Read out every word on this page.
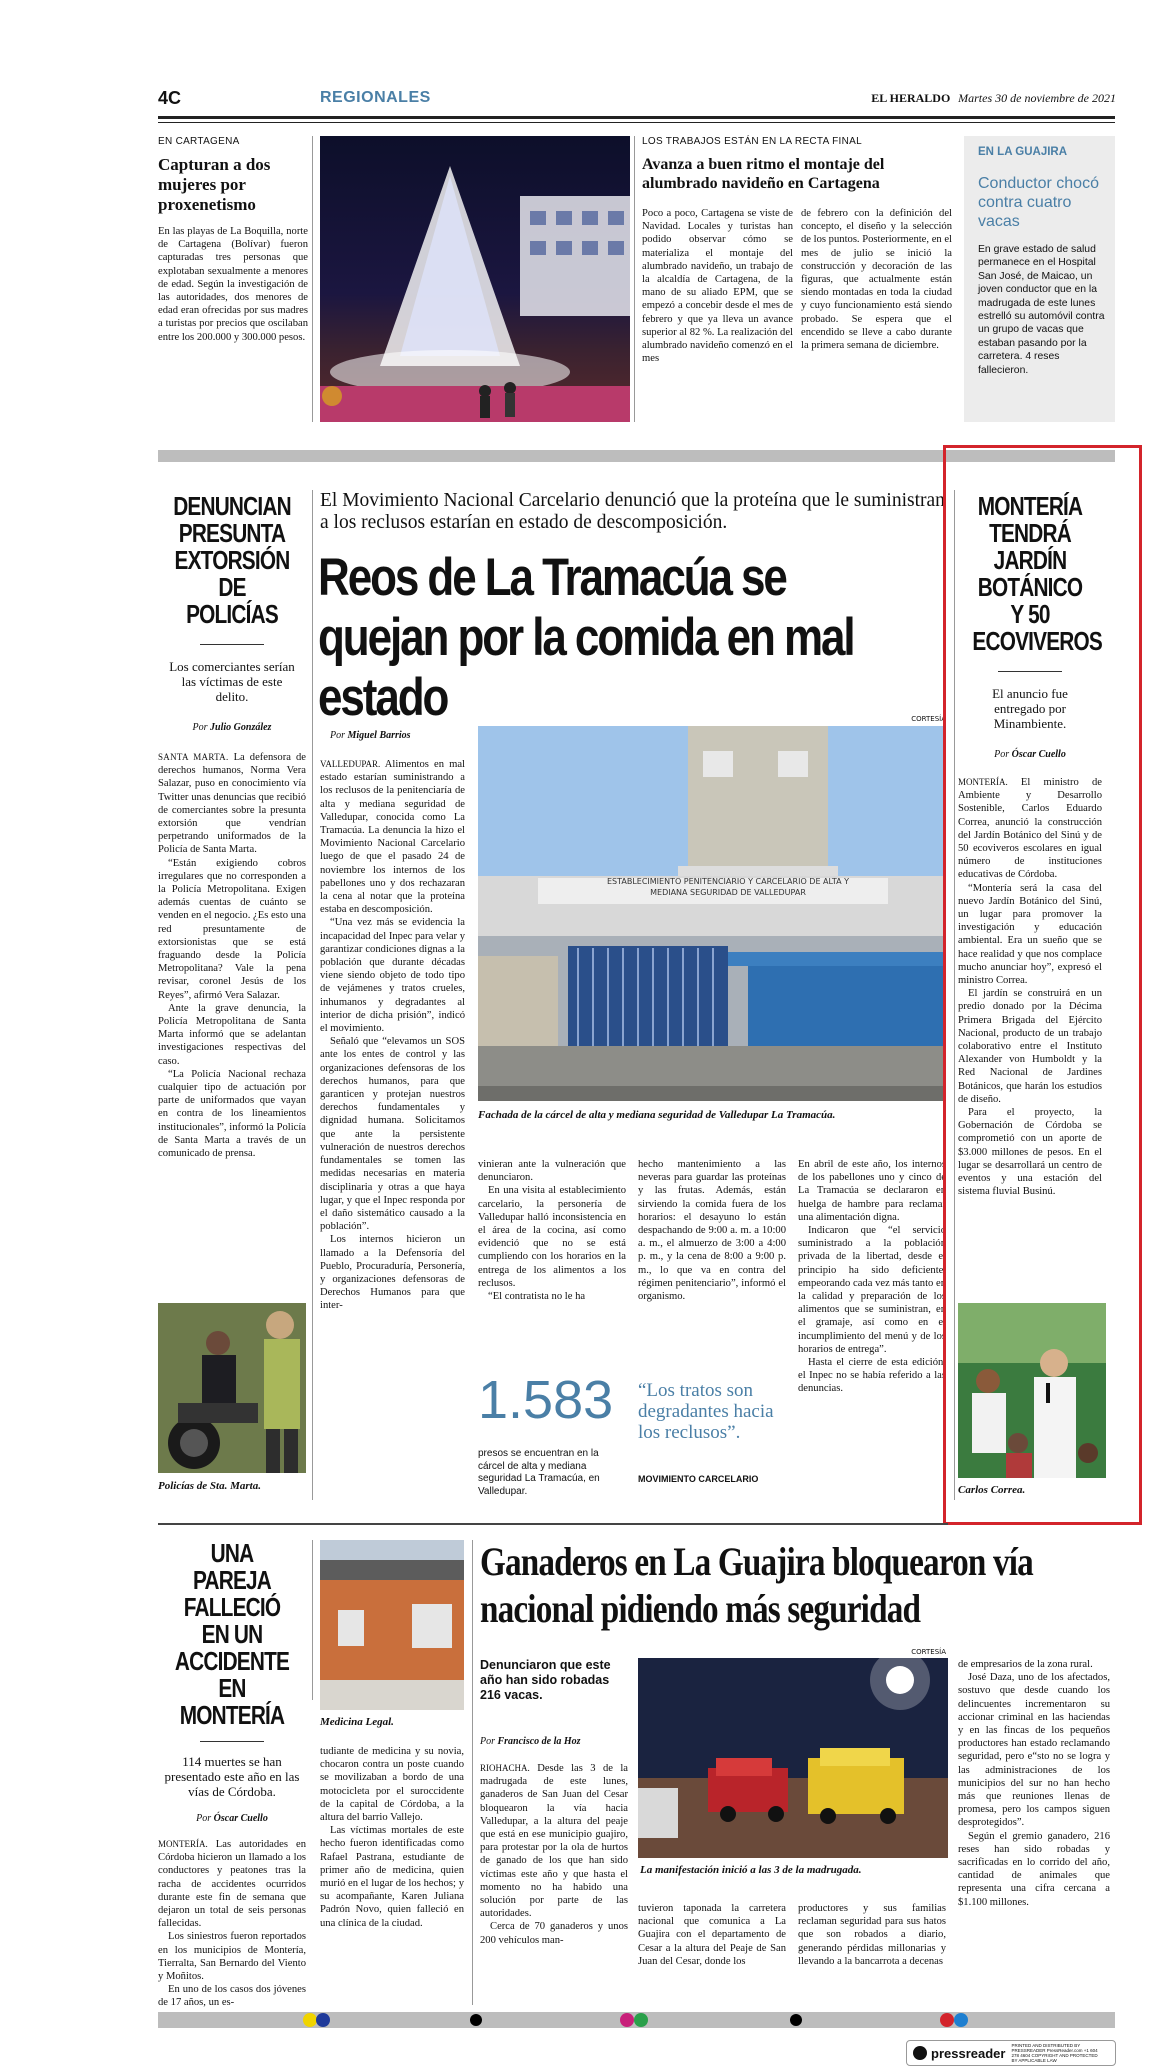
4C	REGIONALES	EL HERALDO Martes 30 de noviembre de 2021
EN CARTAGENA
Capturan a dos mujeres por proxenetismo
En las playas de La Boquilla, norte de Cartagena (Bolívar) fueron capturadas tres personas que explotaban sexualmente a menores de edad. Según la investigación de las autoridades, dos menores de edad eran ofrecidas por sus madres a turistas por precios que oscilaban entre los 200.000 y 300.000 pesos.
LOS TRABAJOS ESTÁN EN LA RECTA FINAL
Avanza a buen ritmo el montaje del alumbrado navideño en Cartagena
Poco a poco, Cartagena se viste de Navidad. Locales y turistas han podido observar cómo se materializa el montaje del alumbrado navideño, un trabajo de la alcaldía de Cartagena, de la mano de su aliado EPM, que se empezó a concebir desde el mes de febrero y que ya lleva un avance superior al 82 %. La realización del alumbrado navideño comenzó en el mes
de febrero con la definición del concepto, el diseño y la selección de los puntos. Posteriormente, en el mes de julio se inició la construcción y decoración de las figuras, que actualmente están siendo montadas en toda la ciudad y cuyo funcionamiento está siendo probado. Se espera que el encendido se lleve a cabo durante la primera semana de diciembre.
EN LA GUAJIRA
Conductor chocó contra cuatro vacas
En grave estado de salud permanece en el Hospital San José, de Maicao, un joven conductor que en la madrugada de este lunes estrelló su automóvil contra un grupo de vacas que estaban pasando por la carretera. 4 reses fallecieron.
DENUNCIAN PRESUNTA EXTORSIÓN DE POLICÍAS
Los comerciantes serían las víctimas de este delito.
Por Julio González

SANTA MARTA. La defensora de derechos humanos, Norma Vera Salazar, puso en conocimiento vía Twitter unas denuncias que recibió de comerciantes sobre la presunta extorsión que vendrían perpetrando uniformados de la Policía de Santa Marta.

“Están exigiendo cobros irregulares que no corresponden a la Policía Metropolitana. Exigen además cuentas de cuánto se venden en el negocio. ¿Es esto una red presuntamente de extorsionistas que se está fraguando desde la Policía Metropolitana? Vale la pena revisar, coronel Jesús de los Reyes”, afirmó Vera Salazar.

Ante la grave denuncia, la Policía Metropolitana de Santa Marta informó que se adelantan investigaciones respectivas del caso.

“La Policía Nacional rechaza cualquier tipo de actuación por parte de uniformados que vayan en contra de los lineamientos institucionales”, informó la Policía de Santa Marta a través de un comunicado de prensa.

Policías de Sta. Marta.
El Movimiento Nacional Carcelario denunció que la proteína que le suministran a los reclusos estarían en estado de descomposición.
Reos de La Tramacúa se quejan por la comida en mal estado
Por Miguel Barrios
CORTESÍA
ESTABLECIMIENTO PENITENCIARIO Y CARCELARIO DE ALTA Y MEDIANA SEGURIDAD DE VALLEDUPAR
Fachada de la cárcel de alta y mediana seguridad de Valledupar La Tramacúa.

VALLEDUPAR. Alimentos en mal estado estarían suministrando a los reclusos de la penitenciaría de alta y mediana seguridad de Valledupar, conocida como La Tramacúa. La denuncia la hizo el Movimiento Nacional Carcelario luego de que el pasado 24 de noviembre los internos de los pabellones uno y dos rechazaran la cena al notar que la proteína estaba en descomposición.

“Una vez más se evidencia la incapacidad del Inpec para velar y garantizar condiciones dignas a la población que durante décadas viene siendo objeto de todo tipo de vejámenes y tratos crueles, inhumanos y degradantes al interior de dicha prisión”, indicó el movimiento.

Señaló que “elevamos un SOS ante los entes de control y las organizaciones defensoras de los derechos humanos, para que garanticen y protejan nuestros derechos fundamentales y dignidad humana. Solicitamos que ante la persistente vulneración de nuestros derechos fundamentales se tomen las medidas necesarias en materia disciplinaria y otras a que haya lugar, y que el Inpec responda por el daño sistemático causado a la población”.

Los internos hicieron un llamado a la Defensoría del Pueblo, Procuraduría, Personería, y organizaciones defensoras de Derechos Humanos para que inter-

vinieran ante la vulneración que denunciaron.

En una visita al establecimiento carcelario, la personería de Valledupar halló inconsistencia en el área de la cocina, así como evidenció que no se está cumpliendo con los horarios en la entrega de los alimentos a los reclusos.

“El contratista no le ha

hecho mantenimiento a las neveras para guardar las proteínas y las frutas. Además, están sirviendo la comida fuera de los horarios: el desayuno lo están despachando de 9:00 a. m. a 10:00 a. m., el almuerzo de 3:00 a 4:00 p. m., y la cena de 8:00 a 9:00 p. m., lo que va en contra del régimen penitenciario”, informó el organismo.

En abril de este año, los internos de los pabellones uno y cinco de La Tramacúa se declararon en huelga de hambre para reclamar una alimentación digna.

Indicaron que “el servicio suministrado a la población privada de la libertad, desde el principio ha sido deficiente, empeorando cada vez más tanto en la calidad y preparación de los alimentos que se suministran, en el gramaje, así como en el incumplimiento del menú y de los horarios de entrega”.

Hasta el cierre de esta edición, el Inpec no se había referido a las denuncias.

1.583
presos se encuentran en la cárcel de alta y mediana seguridad La Tramacúa, en Valledupar.
“Los tratos son degradantes hacia los reclusos”.
MOVIMIENTO CARCELARIO
MONTERÍA TENDRÁ JARDÍN BOTÁNICO Y 50 ECOVIVEROS
El anuncio fue entregado por Minambiente.
Por Óscar Cuello

MONTERÍA. El ministro de Ambiente y Desarrollo Sostenible, Carlos Eduardo Correa, anunció la construcción del Jardín Botánico del Sinú y de 50 ecoviveros escolares en igual número de instituciones educativas de Córdoba.

“Montería será la casa del nuevo Jardín Botánico del Sinú, un lugar para promover la investigación y educación ambiental. Era un sueño que se hace realidad y que nos complace mucho anunciar hoy”, expresó el ministro Correa.

El jardín se construirá en un predio donado por la Décima Primera Brigada del Ejército Nacional, producto de un trabajo colaborativo entre el Instituto Alexander von Humboldt y la Red Nacional de Jardines Botánicos, que harán los estudios de diseño.

Para el proyecto, la Gobernación de Córdoba se comprometió con un aporte de $3.000 millones de pesos. En el lugar se desarrollará un centro de eventos y una estación del sistema fluvial Businú.

Carlos Correa.
UNA PAREJA FALLECIÓ EN UN ACCIDENTE EN MONTERÍA
114 muertes se han presentado este año en las vías de Córdoba.
Por Óscar Cuello

MONTERÍA. Las autoridades en Córdoba hicieron un llamado a los conductores y peatones tras la racha de accidentes ocurridos durante este fin de semana que dejaron un total de seis personas fallecidas.

Los siniestros fueron reportados en los municipios de Montería, Tierralta, San Bernardo del Viento y Moñitos.

En uno de los casos dos jóvenes de 17 años, un es-

Medicina Legal.

tudiante de medicina y su novia, chocaron contra un poste cuando se movilizaban a bordo de una motocicleta por el suroccidente de la capital de Córdoba, a la altura del barrio Vallejo.

Las víctimas mortales de este hecho fueron identificadas como Rafael Pastrana, estudiante de primer año de medicina, quien murió en el lugar de los hechos; y su acompañante, Karen Juliana Padrón Novo, quien falleció en una clínica de la ciudad.

Ganaderos en La Guajira bloquearon vía nacional pidiendo más seguridad
Denunciaron que este año han sido robadas 216 vacas.
Por Francisco de la Hoz

RIOHACHA. Desde las 3 de la madrugada de este lunes, ganaderos de San Juan del Cesar bloquearon la vía hacia Valledupar, a la altura del peaje que está en ese municipio guajiro, para protestar por la ola de hurtos de ganado de los que han sido víctimas este año y que hasta el momento no ha habido una solución por parte de las autoridades.

Cerca de 70 ganaderos y unos 200 vehículos man-

CORTESÍA
La manifestación inició a las 3 de la madrugada.

tuvieron taponada la carretera nacional que comunica a La Guajira con el departamento de Cesar a la altura del Peaje de San Juan del Cesar, donde los

productores y sus familias reclaman seguridad para sus hatos que son robados a diario, generando pérdidas millonarias y llevando a la bancarrota a decenas

de empresarios de la zona rural.

José Daza, uno de los afectados, sostuvo que desde cuando los delincuentes incrementaron su accionar criminal en las haciendas y en las fincas de los pequeños productores han estado reclamando seguridad, pero e“sto no se logra y las administraciones de los municipios del sur no han hecho más que reuniones llenas de promesa, pero los campos siguen desprotegidos”.

Según el gremio ganadero, 216 reses han sido robadas y sacrificadas en lo corrido del año, cantidad de animales que representa una cifra cercana a $1.100 millones.

pressreader PRINTED AND DISTRIBUTED BY PRESSREADER PressReader.com +1 604 278 4604 COPYRIGHT AND PROTECTED BY APPLICABLE LAW
